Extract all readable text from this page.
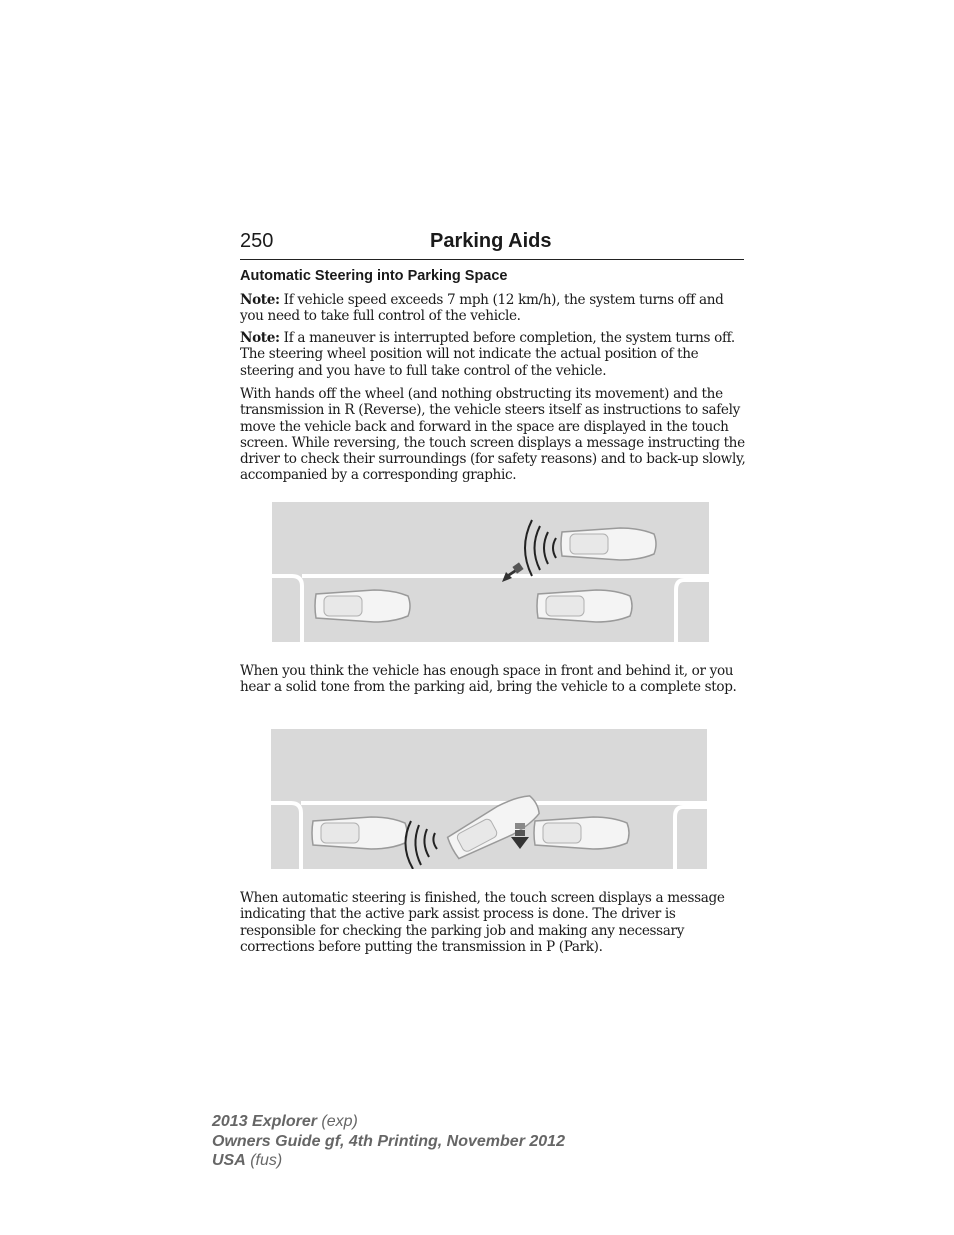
250	Parking Aids
Automatic Steering into Parking Space

Note: If vehicle speed exceeds 7 mph (12 km/h), the system turns off and you need to take full control of the vehicle.

Note: If a maneuver is interrupted before completion, the system turns off. The steering wheel position will not indicate the actual position of the steering and you have to full take control of the vehicle.

With hands off the wheel (and nothing obstructing its movement) and the transmission in R (Reverse), the vehicle steers itself as instructions to safely move the vehicle back and forward in the space are displayed in the touch screen. While reversing, the touch screen displays a message instructing the driver to check their surroundings (for safety reasons) and to back-up slowly, accompanied by a corresponding graphic.

When you think the vehicle has enough space in front and behind it, or you hear a solid tone from the parking aid, bring the vehicle to a complete stop.

When automatic steering is finished, the touch screen displays a message indicating that the active park assist process is done. The driver is responsible for checking the parking job and making any necessary corrections before putting the transmission in P (Park).

2013 Explorer (exp)
Owners Guide gf, 4th Printing, November 2012
USA (fus)
